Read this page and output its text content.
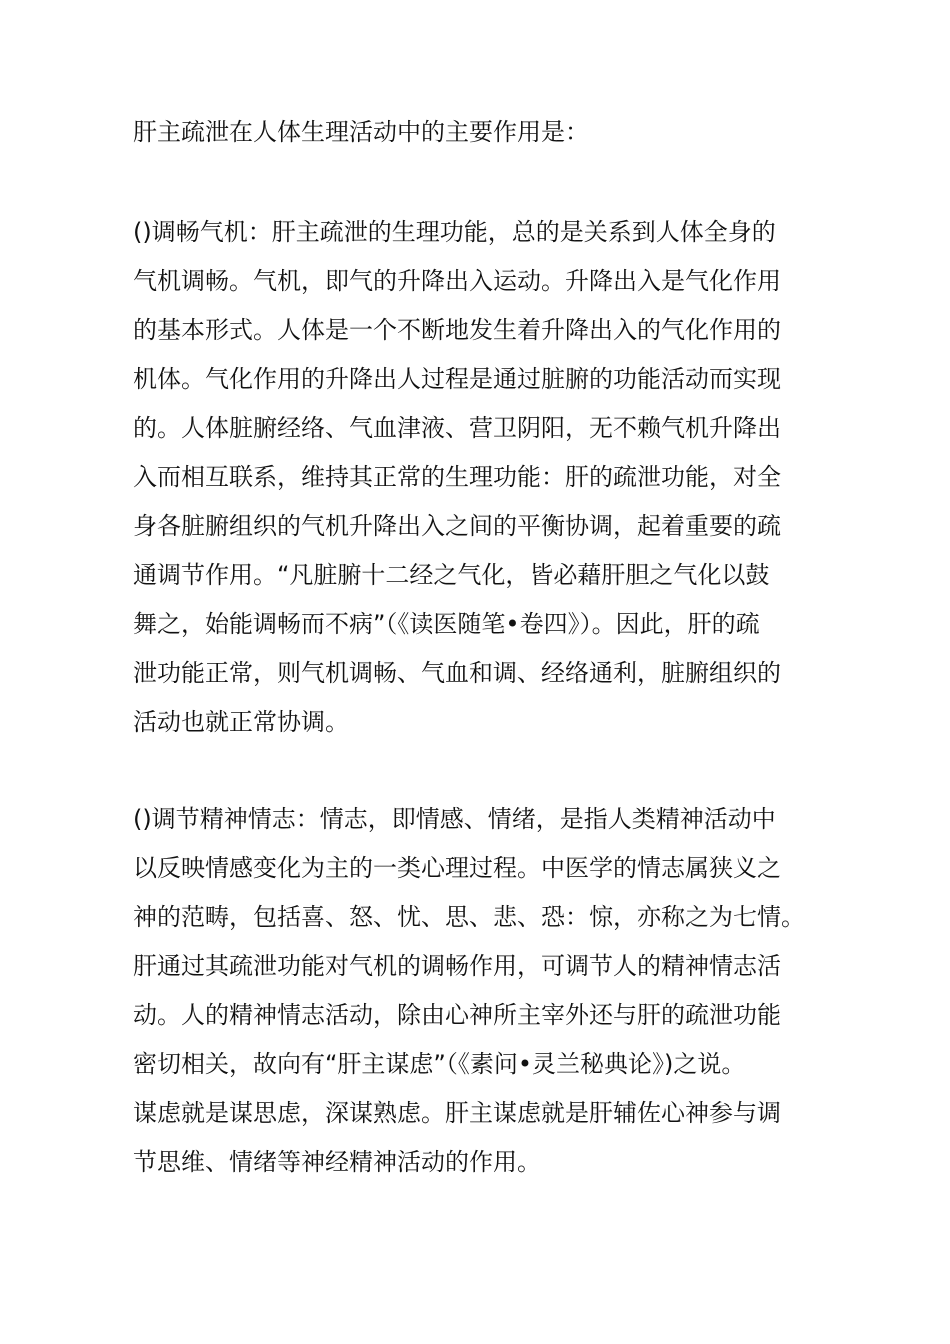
肝主疏泄在人体生理活动中的主要作用是：
()调畅气机：肝主疏泄的生理功能，总的是关系到人体全身的
气机调畅。气机，即气的升降出入运动。升降出入是气化作用
的基本形式。人体是一个不断地发生着升降出入的气化作用的
机体。气化作用的升降出人过程是通过脏腑的功能活动而实现
的。人体脏腑经络、气血津液、营卫阴阳，无不赖气机升降出
入而相互联系，维持其正常的生理功能：肝的疏泄功能，对全
身各脏腑组织的气机升降出入之间的平衡协调，起着重要的疏
通调节作用。“凡脏腑十二经之气化，皆必藉肝胆之气化以鼓
舞之，始能调畅而不病”（《读医随笔•卷四》）。因此，肝的疏
泄功能正常，则气机调畅、气血和调、经络通利，脏腑组织的
活动也就正常协调。
()调节精神情志：情志，即情感、情绪，是指人类精神活动中
以反映情感变化为主的一类心理过程。中医学的情志属狭义之
神的范畴，包括喜、怒、忧、思、悲、恐：惊，亦称之为七情。
肝通过其疏泄功能对气机的调畅作用，可调节人的精神情志活
动。人的精神情志活动，除由心神所主宰外还与肝的疏泄功能
密切相关，故向有“肝主谋虑”（《素问•灵兰秘典论》)之说。
谋虑就是谋思虑，深谋熟虑。肝主谋虑就是肝辅佐心神参与调
节思维、情绪等神经精神活动的作用。
